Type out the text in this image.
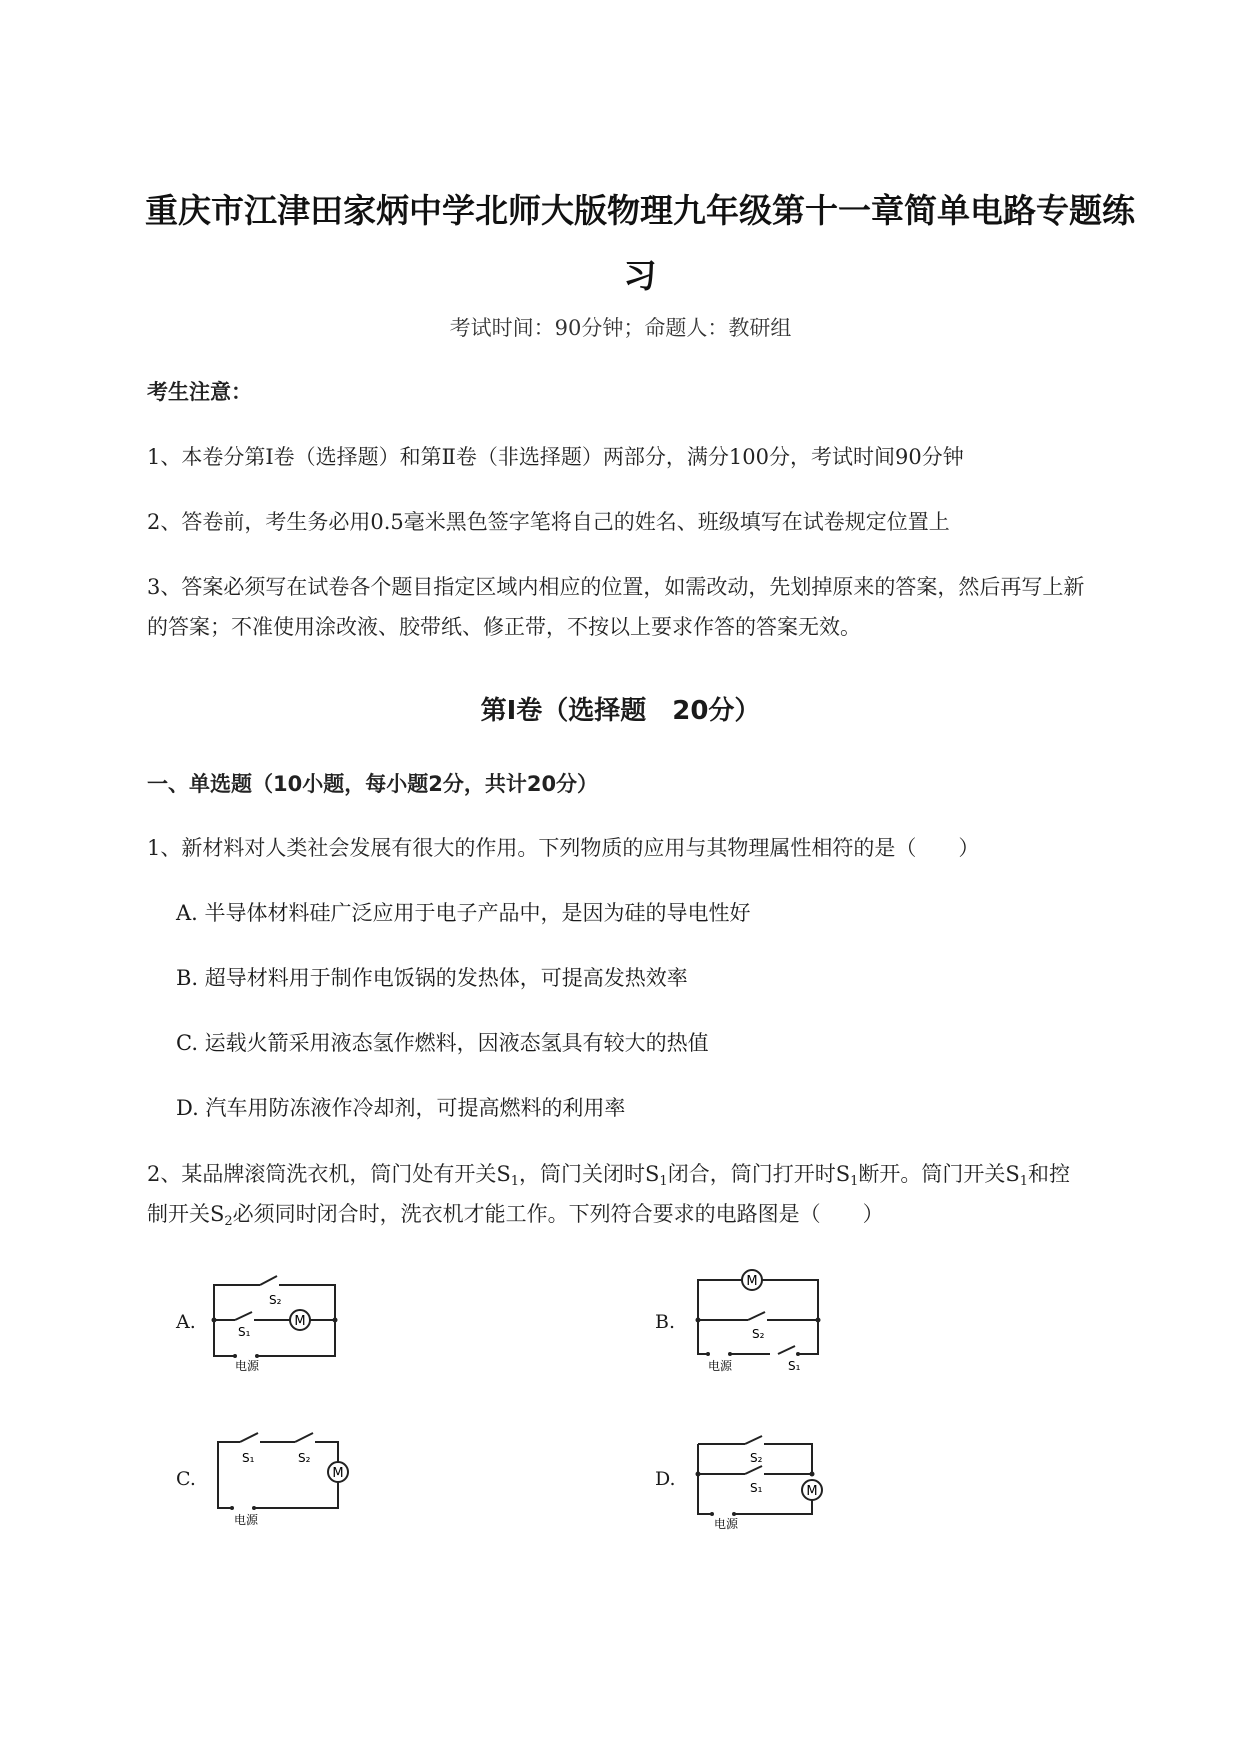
重庆市江津田家炳中学北师大版物理九年级第十一章简单电路专题练
习
考试时间：90分钟；命题人：教研组
考生注意：
1、本卷分第Ⅰ卷（选择题）和第Ⅱ卷（非选择题）两部分，满分100分，考试时间90分钟
2、答卷前，考生务必用0.5毫米黑色签字笔将自己的姓名、班级填写在试卷规定位置上
3、答案必须写在试卷各个题目指定区域内相应的位置，如需改动，先划掉原来的答案，然后再写上新
的答案；不准使用涂改液、胶带纸、修正带，不按以上要求作答的答案无效。
第Ⅰ卷（选择题　20分）
一、单选题（10小题，每小题2分，共计20分）
1、新材料对人类社会发展有很大的作用。下列物质的应用与其物理属性相符的是（　　）
A. 半导体材料硅广泛应用于电子产品中，是因为硅的导电性好
B. 超导材料用于制作电饭锅的发热体，可提高发热效率
C. 运载火箭采用液态氢作燃料，因液态氢具有较大的热值
D. 汽车用防冻液作冷却剂，可提高燃料的利用率
2、某品牌滚筒洗衣机，筒门处有开关$S_1$，筒门关闭时$S_1$闭合，筒门打开时$S_1$断开。筒门开关$S_1$和控
制开关$S_2$必须同时闭合时，洗衣机才能工作。下列符合要求的电路图是（　　）
A.	M
S₂
S₁
电源
B.
M
S₂
电源	S₁
C.	M
S₁	S₂
电源
D.
M
S₂
S₁
电源
